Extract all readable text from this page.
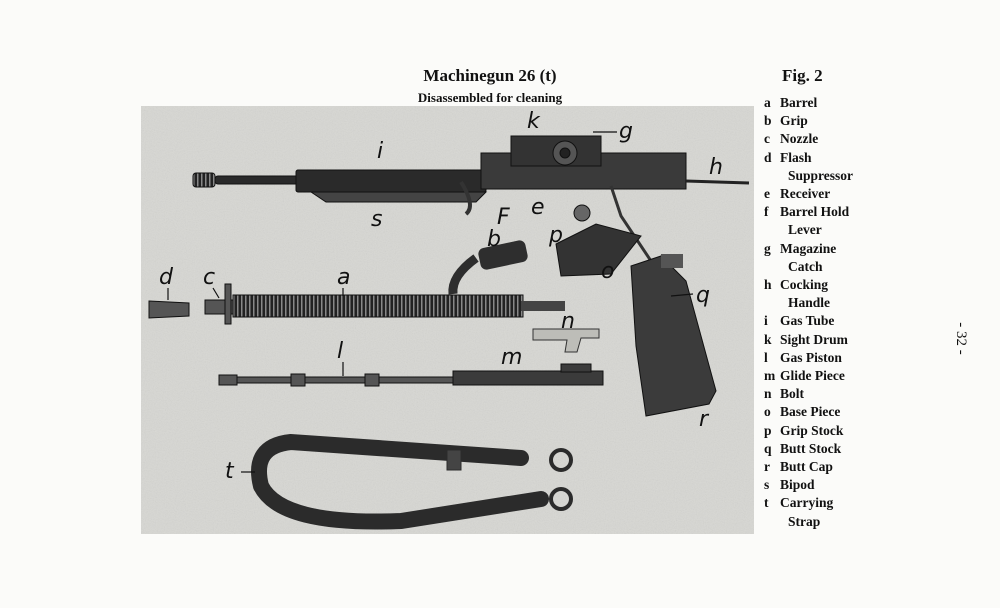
Machinegun 26 (t)
Disassembled for cleaning
Fig. 2
a Barrel
b Grip
c Nozzle
d Flash
Suppressor
e Receiver
f Barrel Hold
Lever
g Magazine
Catch
h Cocking
Handle
i Gas Tube
k Sight Drum
l Gas Piston
m Glide Piece
n Bolt
o Base Piece
p Grip Stock
q Butt Stock
r Butt Cap
s Bipod
t Carrying
Strap
- 32 -
k	g
i
h
s	F e
b p
o
q
d c	a
n
l	m
r
t
